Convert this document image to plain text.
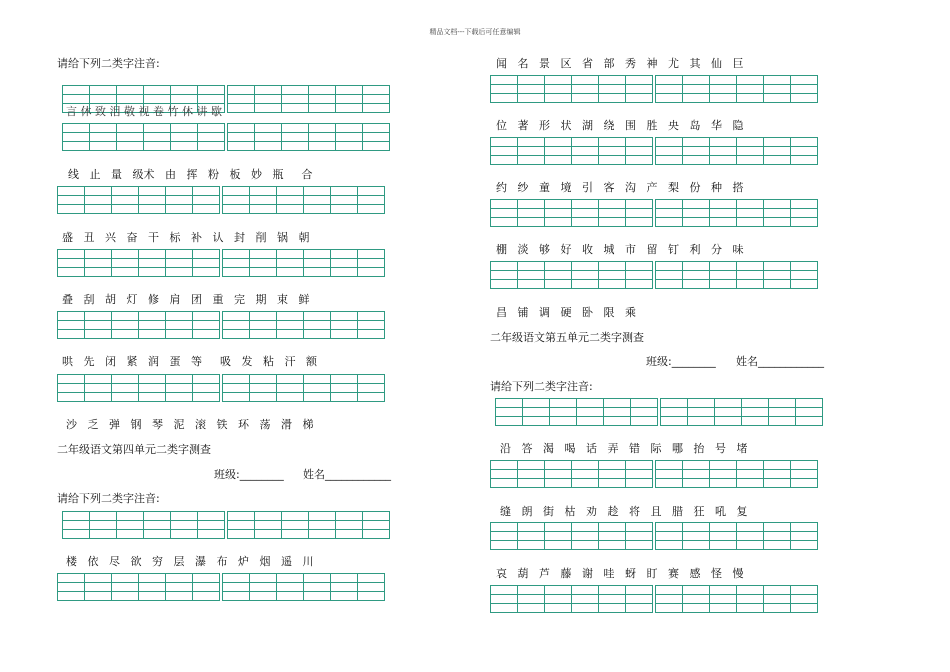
精品文档---下载后可任意编辑
请给下列二类字注音:
言 休 致 泪 敬 视 卷 竹 休 讲 歇
线 止 量 级术 由 挥 粉 板 妙 瓶 合
盛 丑 兴 奋 干 标 补 认 封 削 锅 朝
叠 刮 胡 灯 修 肩 团 重 完 期 束 鲜
哄 先 闭 紧 润 蛋 等 吸 发 粘 汗 额
沙 乏 弹 钢 琴 泥 滚 铁 环 荡 滑 梯
二年级语文第四单元二类字测查
班级:________ 姓名____________
请给下列二类字注音:
楼 依 尽 欲 穷 层 瀑 布 炉 烟 遥 川
闻 名 景 区 省 部 秀 神 尤 其 仙 巨
位 著 形 状 湖 绕 围 胜 央 岛 华 隐
约 纱 童 境 引 客 沟 产 梨 份 种 搭
棚 淡 够 好 收 城 市 留 钉 利 分 味
昌 铺 调 硬 卧 限 乘
二年级语文第五单元二类字测查
班级:________ 姓名____________
请给下列二类字注音:
沿 答 渴 喝 话 弄 错 际 哪 抬 号 堵
缝 朗 街 枯 劝 趁 将 且 腊 狂 吼 复
哀 葫 芦 藤 谢 哇 蚜 盯 赛 感 怪 慢
